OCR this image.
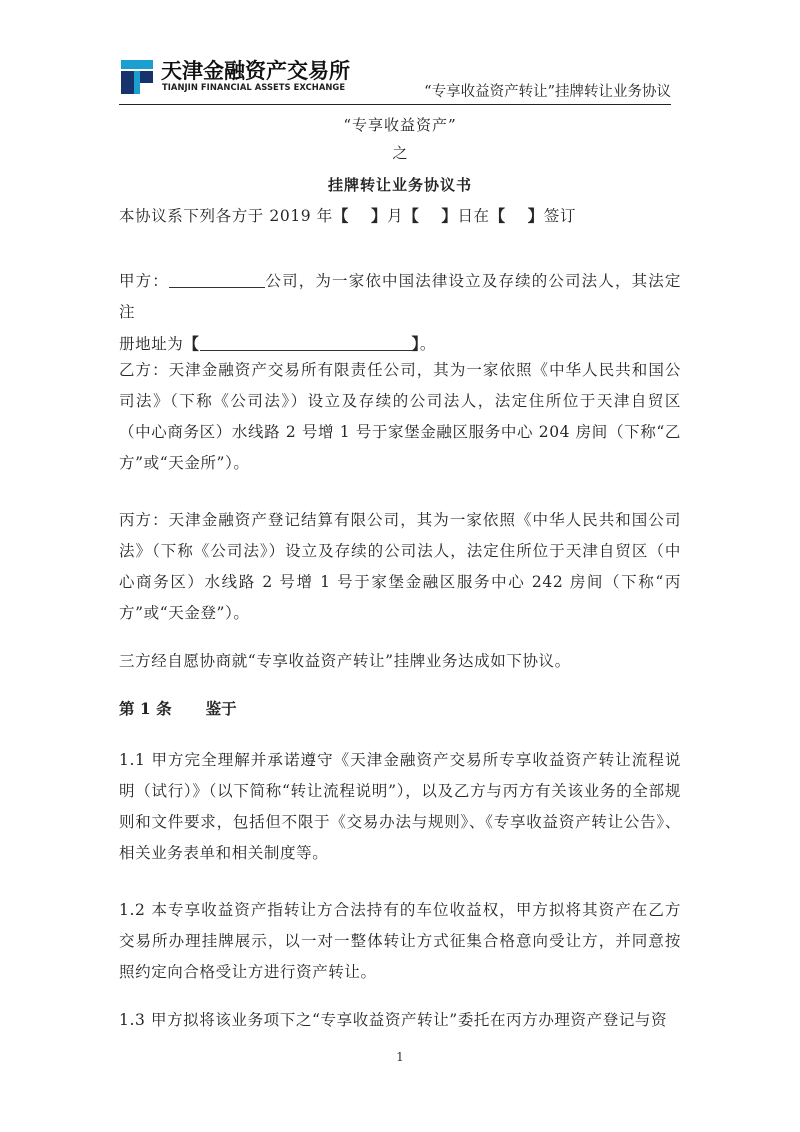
天津金融资产交易所
TIANJIN FINANCIAL ASSETS EXCHANGE	“专享收益资产转让”挂牌转让业务协议
“专享收益资产”
之
挂牌转让业务协议书
本协议系下列各方于 2019 年【 】月【 】日在【 】签订

甲方：	公司，为一家依中国法律设立及存续的公司法人，其法定注

册地址为【	】。

乙方：天津金融资产交易所有限责任公司，其为一家依照《中华人民共和国公司法》（下称《公司法》）设立及存续的公司法人，法定住所位于天津自贸区（中心商务区）水线路 2 号增 1 号于家堡金融区服务中心 204 房间（下称“乙方”或“天金所”）。
丙方：天津金融资产登记结算有限公司，其为一家依照《中华人民共和国公司法》（下称《公司法》）设立及存续的公司法人，法定住所位于天津自贸区（中心商务区）水线路 2 号增 1 号于家堡金融区服务中心 242 房间（下称“丙方”或“天金登”）。
三方经自愿协商就“专享收益资产转让”挂牌业务达成如下协议。
第 1 条 鉴于
1.1 甲方完全理解并承诺遵守《天津金融资产交易所专享收益资产转让流程说明（试行）》（以下简称“转让流程说明”），以及乙方与丙方有关该业务的全部规则和文件要求，包括但不限于《交易办法与规则》、《专享收益资产转让公告》、相关业务表单和相关制度等。
1.2 本专享收益资产指转让方合法持有的车位收益权，甲方拟将其资产在乙方交易所办理挂牌展示，以一对一整体转让方式征集合格意向受让方，并同意按照约定向合格受让方进行资产转让。
1.3 甲方拟将该业务项下之“专享收益资产转让”委托在丙方办理资产登记与资
1
